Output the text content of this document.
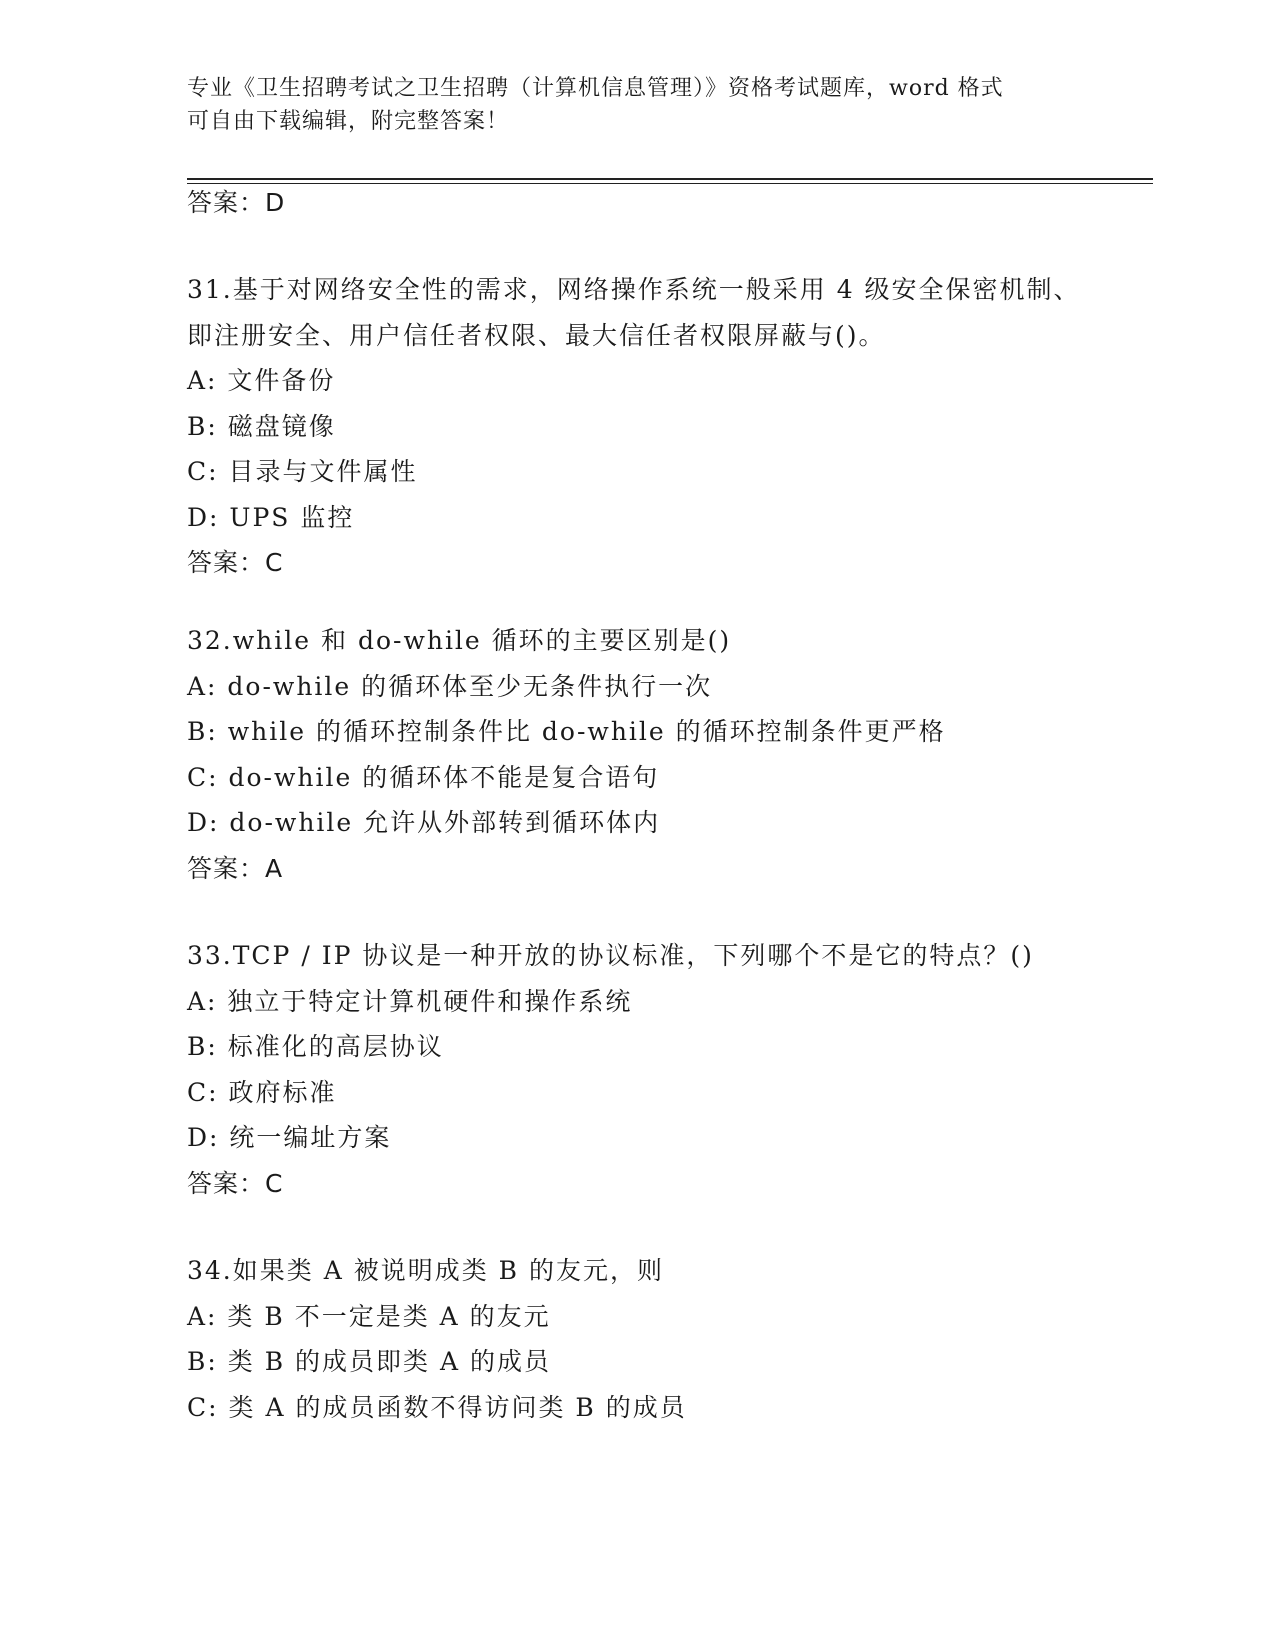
专业《卫生招聘考试之卫生招聘（计算机信息管理）》资格考试题库，word 格式
可自由下载编辑，附完整答案！
答案：D
31.基于对网络安全性的需求，网络操作系统一般采用 4 级安全保密机制、即注册安全、用户信任者权限、最大信任者权限屏蔽与()。
A: 文件备份
B: 磁盘镜像
C: 目录与文件属性
D: UPS 监控
答案：C
32.while 和 do-while 循环的主要区别是()
A: do-while 的循环体至少无条件执行一次
B: while 的循环控制条件比 do-while 的循环控制条件更严格
C: do-while 的循环体不能是复合语句
D: do-while 允许从外部转到循环体内
答案：A
33.TCP / IP 协议是一种开放的协议标准，下列哪个不是它的特点？()
A: 独立于特定计算机硬件和操作系统
B: 标准化的高层协议
C: 政府标准
D: 统一编址方案
答案：C
34.如果类 A 被说明成类 B 的友元，则
A: 类 B 不一定是类 A 的友元
B: 类 B 的成员即类 A 的成员
C: 类 A 的成员函数不得访问类 B 的成员
